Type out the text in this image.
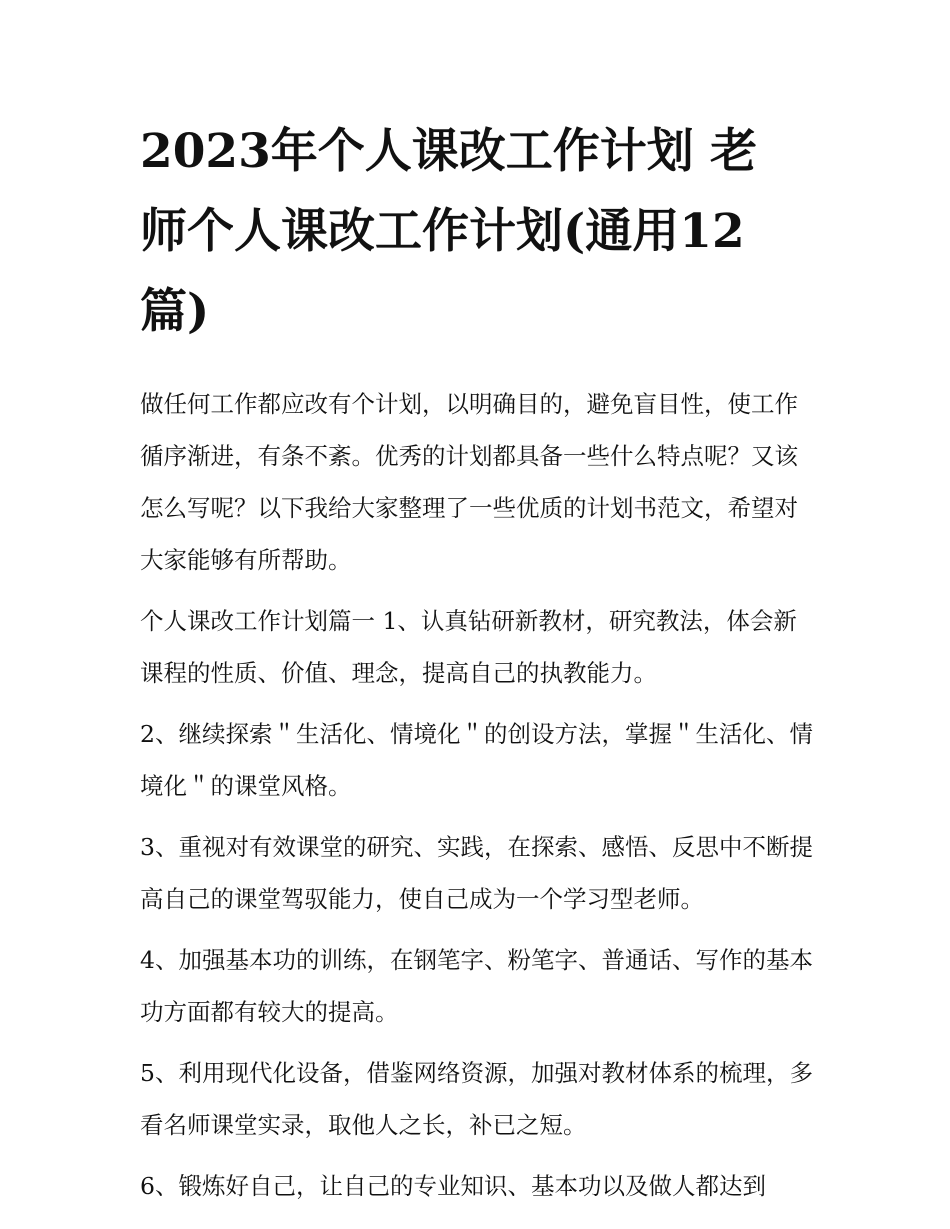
2023年个人课改工作计划 老师个人课改工作计划(通用12篇)

做任何工作都应改有个计划，以明确目的，避免盲目性，使工作循序渐进，有条不紊。优秀的计划都具备一些什么特点呢？又该怎么写呢？以下我给大家整理了一些优质的计划书范文，希望对大家能够有所帮助。

个人课改工作计划篇一 1、认真钻研新教材，研究教法，体会新课程的性质、价值、理念，提高自己的执教能力。

2、继续探索＂生活化、情境化＂的创设方法，掌握＂生活化、情境化＂的课堂风格。

3、重视对有效课堂的研究、实践，在探索、感悟、反思中不断提高自己的课堂驾驭能力，使自己成为一个学习型老师。

4、加强基本功的训练，在钢笔字、粉笔字、普通话、写作的基本功方面都有较大的提高。

5、利用现代化设备，借鉴网络资源，加强对教材体系的梳理，多看名师课堂实录，取他人之长，补已之短。

6、锻炼好自己，让自己的专业知识、基本功以及做人都达到
